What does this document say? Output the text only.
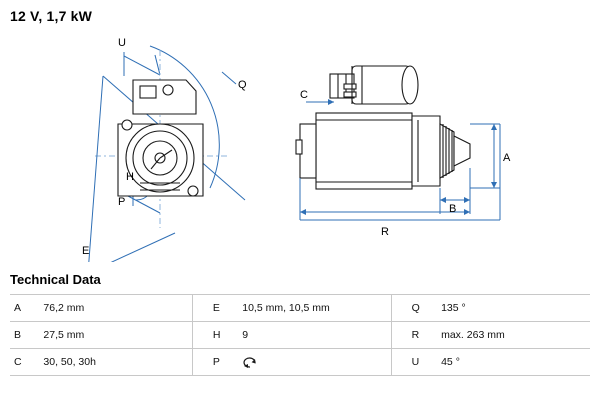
12 V, 1,7 kW
U
Q
H
P
E
C
A
B
R
Technical Data
A	76,2 mm		E	10,5 mm, 10,5 mm		Q	135 °
B	27,5 mm		H	9		R	max. 263 mm
C	30, 50, 30h		P			U	45 °
